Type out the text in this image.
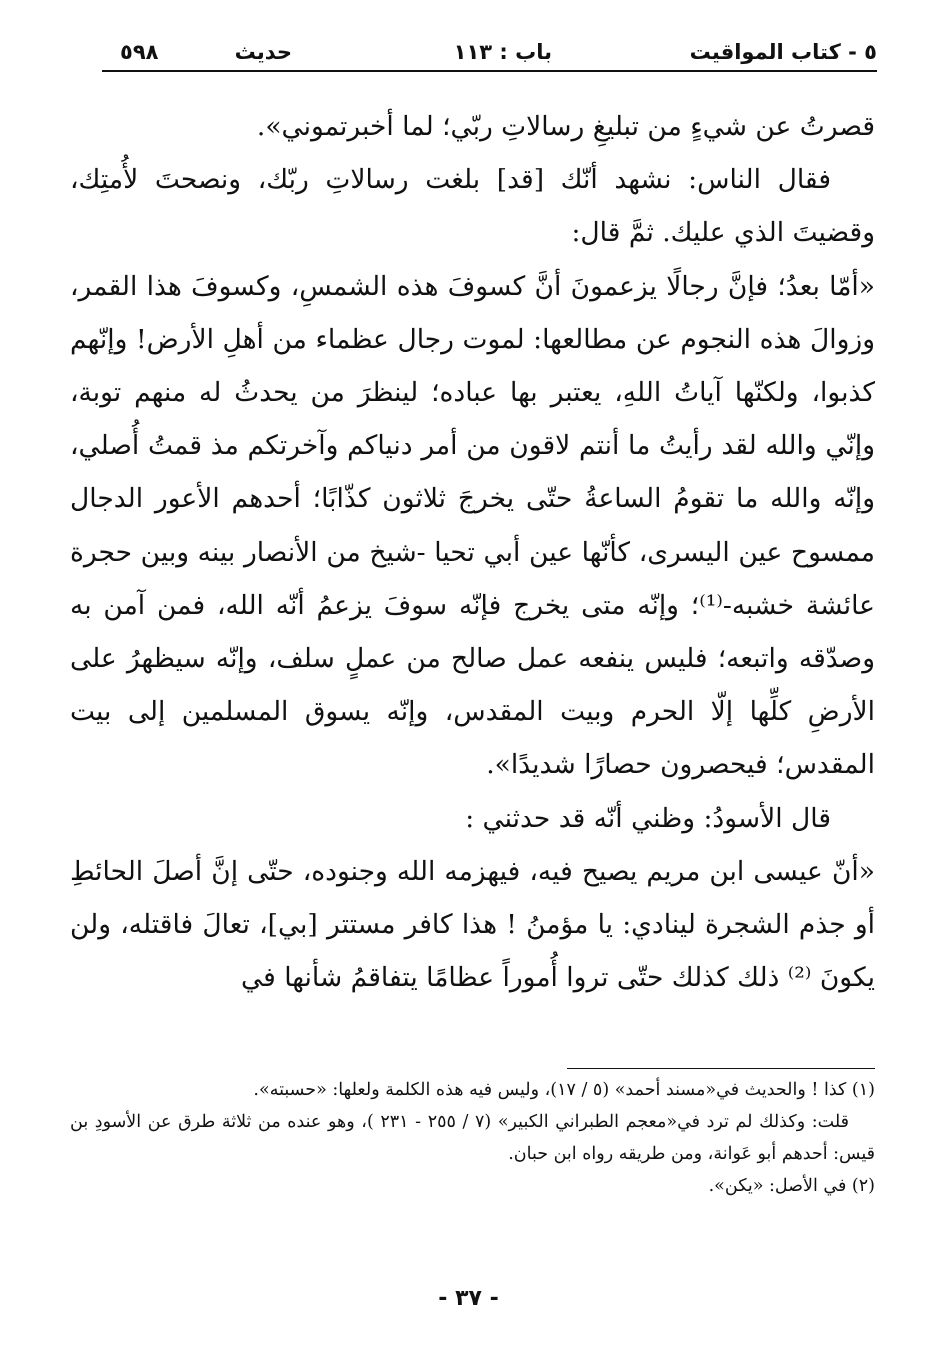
٥ - كتاب المواقيت
باب : ١١٣
حديث
٥٩٨

قصرتُ عن شيءٍ من تبليغِ رسالاتِ ربّي؛ لما أخبرتموني».

فقال الناس: نشهد أنّك [قد] بلغت رسالاتِ ربّك، ونصحتَ لأُمتِك، وقضيتَ الذي عليك. ثمَّ قال:

«أمّا بعدُ؛ فإنَّ رجالًا يزعمونَ أنَّ كسوفَ هذه الشمسِ، وكسوفَ هذا القمر، وزوالَ هذه النجوم عن مطالعها: لموت رجال عظماء من أهلِ الأرض! وإنّهم كذبوا، ولكنّها آياتُ اللهِ، يعتبر بها عباده؛ لينظرَ من يحدثُ له منهم توبة، وإنّي والله لقد رأيتُ ما أنتم لاقون من أمر دنياكم وآخرتكم مذ قمتُ أُصلي، وإنّه والله ما تقومُ الساعةُ حتّى يخرجَ ثلاثون كذّابًا؛ أحدهم الأعور الدجال ممسوح عين اليسرى، كأنّها عين أبي تحيا -شيخ من الأنصار بينه وبين حجرة عائشة خشبه-⁽¹⁾؛ وإنّه متى يخرج فإنّه سوفَ يزعمُ أنّه الله، فمن آمن به وصدّقه واتبعه؛ فليس ينفعه عمل صالح من عملٍ سلف، وإنّه سيظهرُ على الأرضِ كلِّها إلّا الحرم وبيت المقدس، وإنّه يسوق المسلمين إلى بيت المقدس؛ فيحصرون حصارًا شديدًا».

قال الأسودُ: وظني أنّه قد حدثني :

«أنّ عيسى ابن مريم يصيح فيه، فيهزمه الله وجنوده، حتّى إنَّ أصلَ الحائطِ أو جذم الشجرة لينادي: يا مؤمنُ ! هذا كافر مستتر [بي]، تعالَ فاقتله، ولن يكونَ ⁽²⁾ ذلك كذلك حتّى تروا أُموراً عظامًا يتفاقمُ شأنها في

(١) كذا ! والحديث في«مسند أحمد» (٥ / ١٧)، وليس فيه هذه الكلمة ولعلها: «حسبته».

قلت: وكذلك لم ترد في«معجم الطبراني الكبير» (٧ / ٢٥٥ - ٢٣١ )، وهو عنده من ثلاثة طرق عن الأسودِ بن قيس: أحدهم أبو عَوانة، ومن طريقه رواه ابن حبان.

(٢) في الأصل: «يكن».

- ٣٧ -
